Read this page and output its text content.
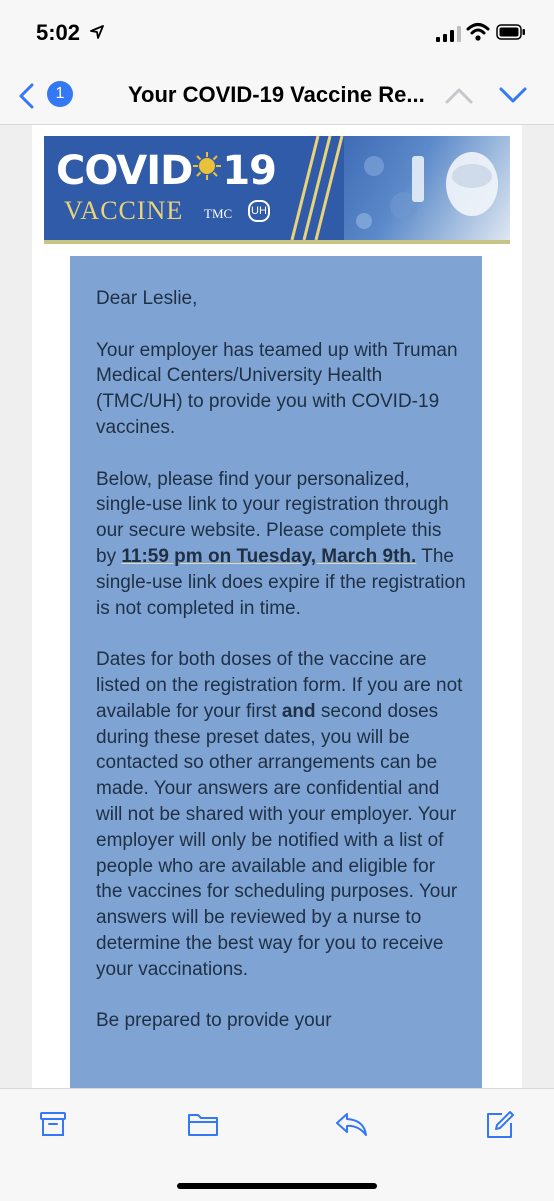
5:02
1	Your COVID-19 Vaccine Re...
COVID 19
VACCINE TMC UH

Dear Leslie,

Your employer has teamed up with Truman Medical Centers/University Health (TMC/UH) to provide you with COVID-19 vaccines.

Below, please find your personalized, single-use link to your registration through our secure website. Please complete this by 11:59 pm on Tuesday, March 9th. The single-use link does expire if the registration is not completed in time.

Dates for both doses of the vaccine are listed on the registration form. If you are not available for your first and second doses during these preset dates, you will be contacted so other arrangements can be made. Your answers are confidential and will not be shared with your employer. Your employer will only be notified with a list of people who are available and eligible for the vaccines for scheduling purposes. Your answers will be reviewed by a nurse to determine the best way for you to receive your vaccinations.

Be prepared to provide your
